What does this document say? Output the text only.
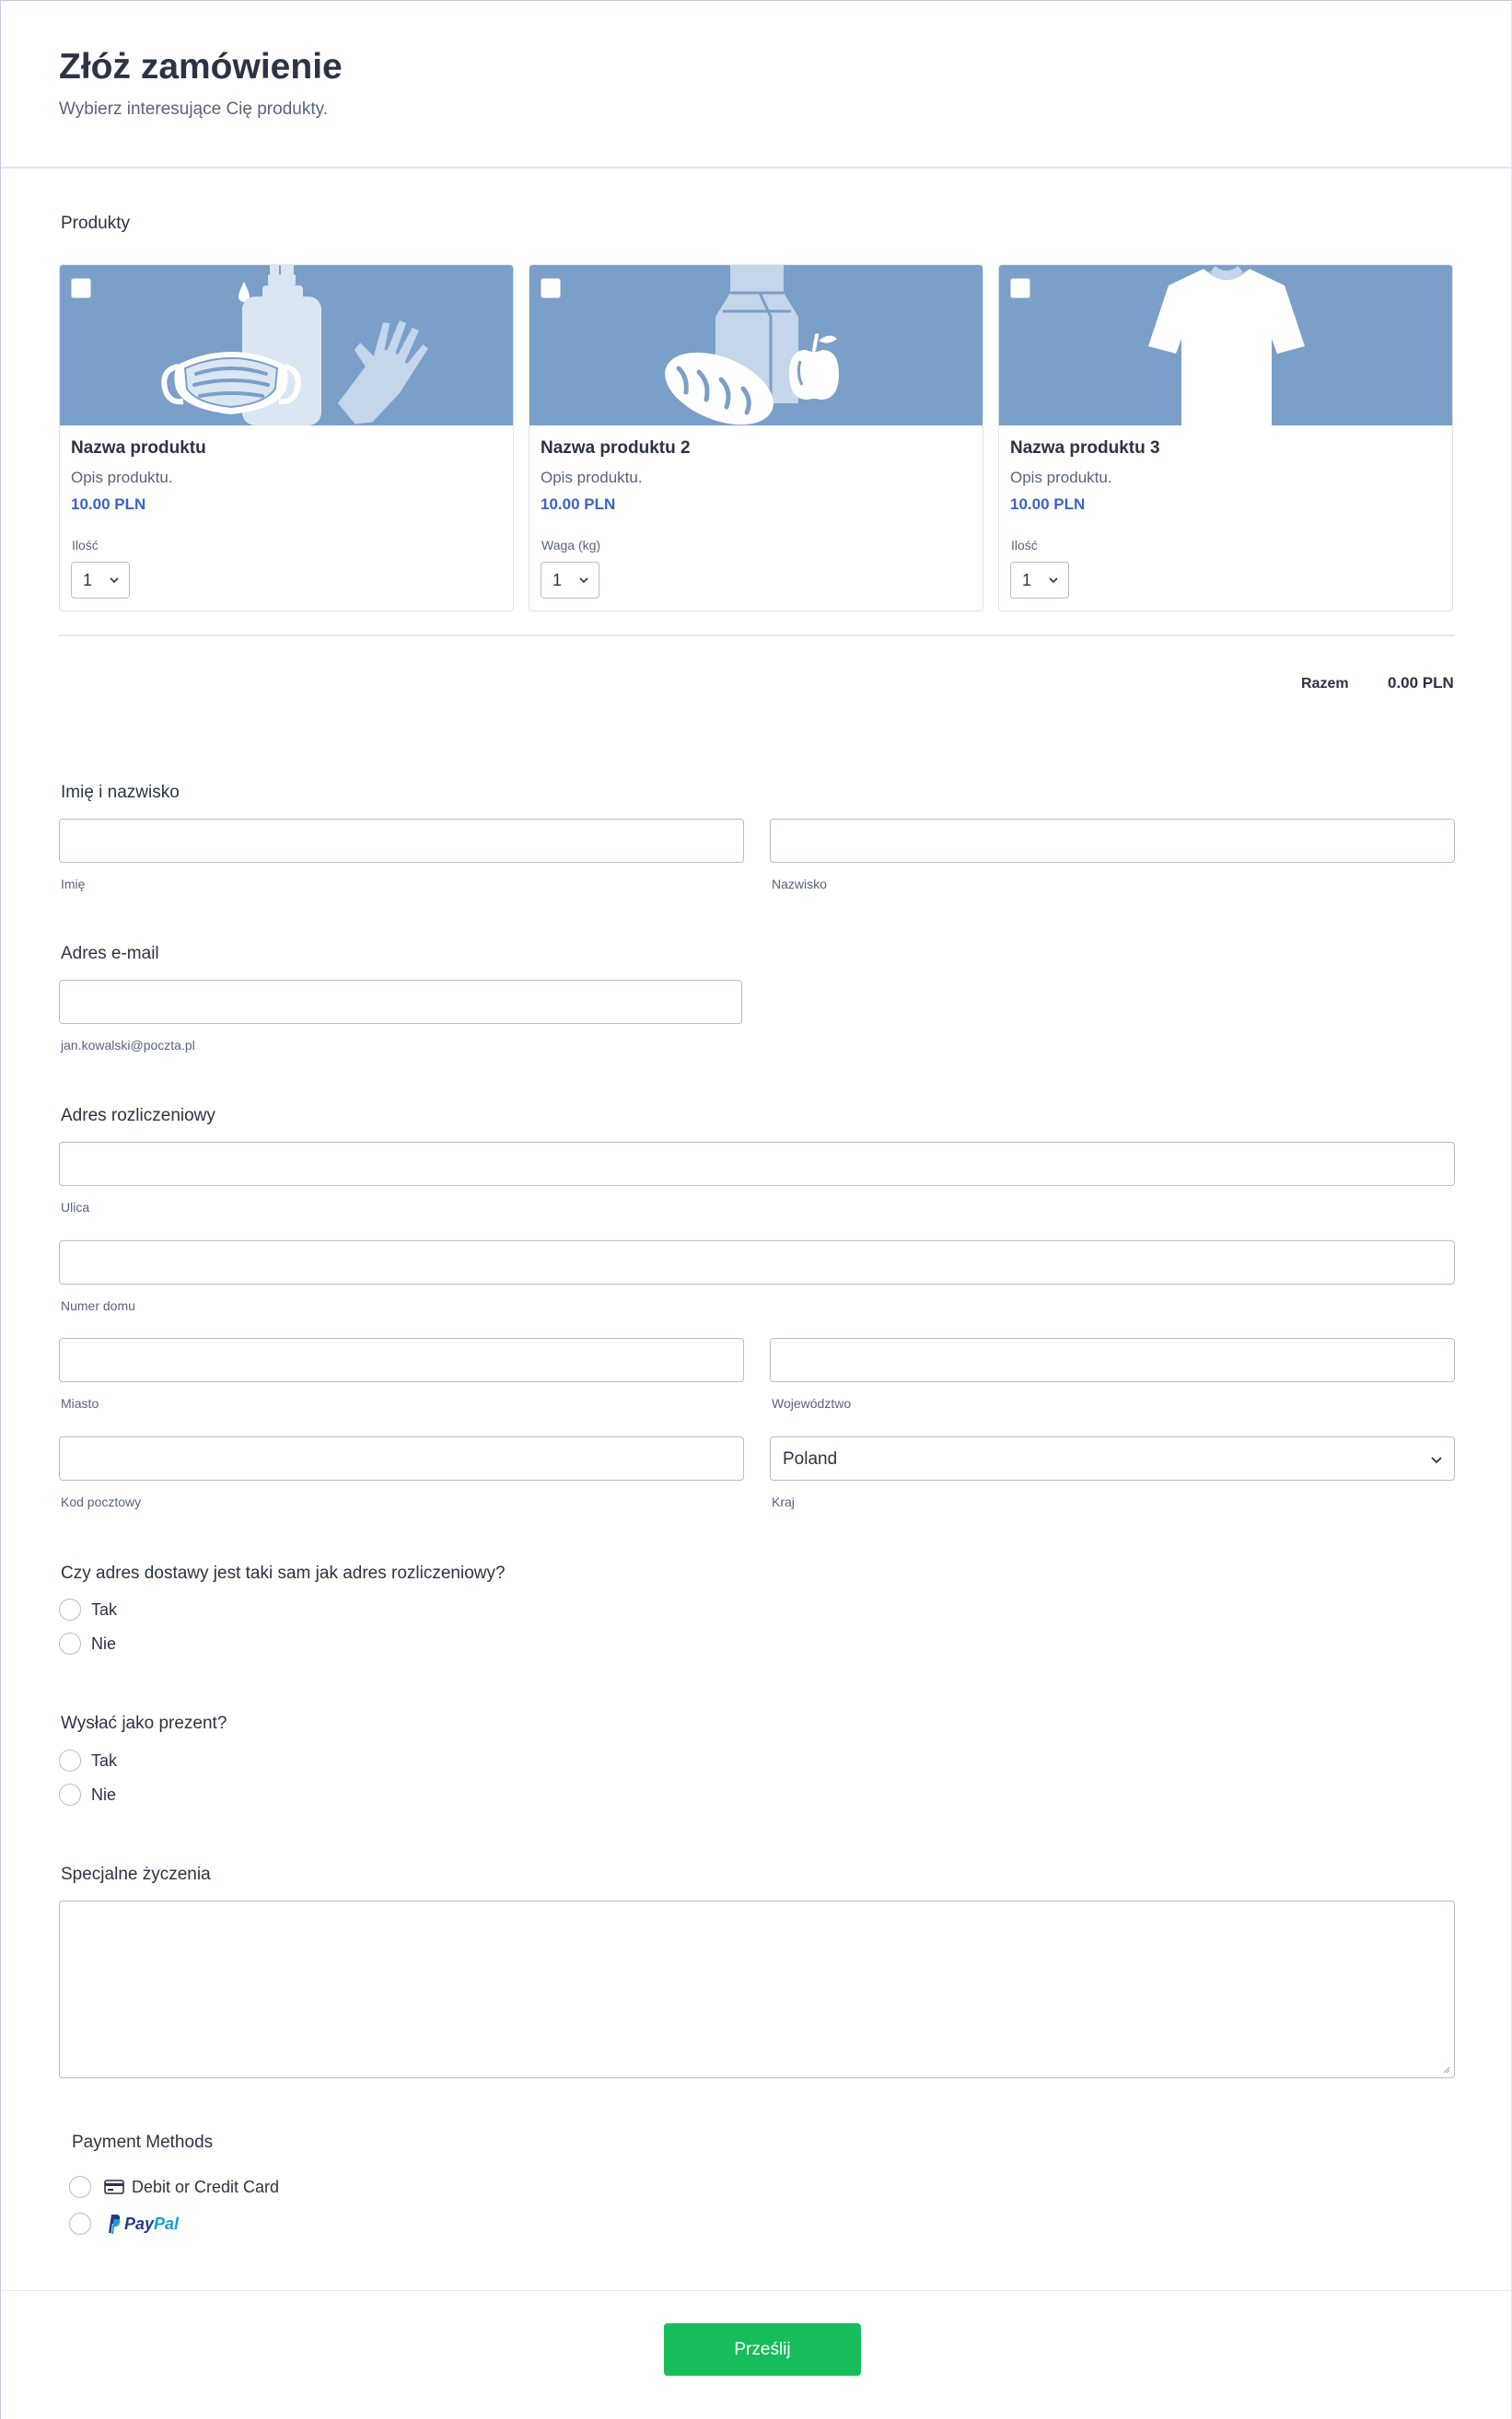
Złóż zamówienie
Wybierz interesujące Cię produkty.
Produkty
Nazwa produktu
Opis produktu.
10.00 PLN
Ilość
1
Nazwa produktu 2
Opis produktu.
10.00 PLN
Waga (kg)
1
Nazwa produktu 3
Opis produktu.
10.00 PLN
Ilość
1
Razem 0.00 PLN
Imię i nazwisko
Imię	Nazwisko
Adres e-mail
jan.kowalski@poczta.pl
Adres rozliczeniowy
Ulica
Numer domu
Miasto	Województwo
Kod pocztowy
Poland
Kraj
Czy adres dostawy jest taki sam jak adres rozliczeniowy?
Tak
Nie
Wysłać jako prezent?
Tak
Nie
Specjalne życzenia
Payment Methods
Debit or Credit Card
PayPal
Prześlij
